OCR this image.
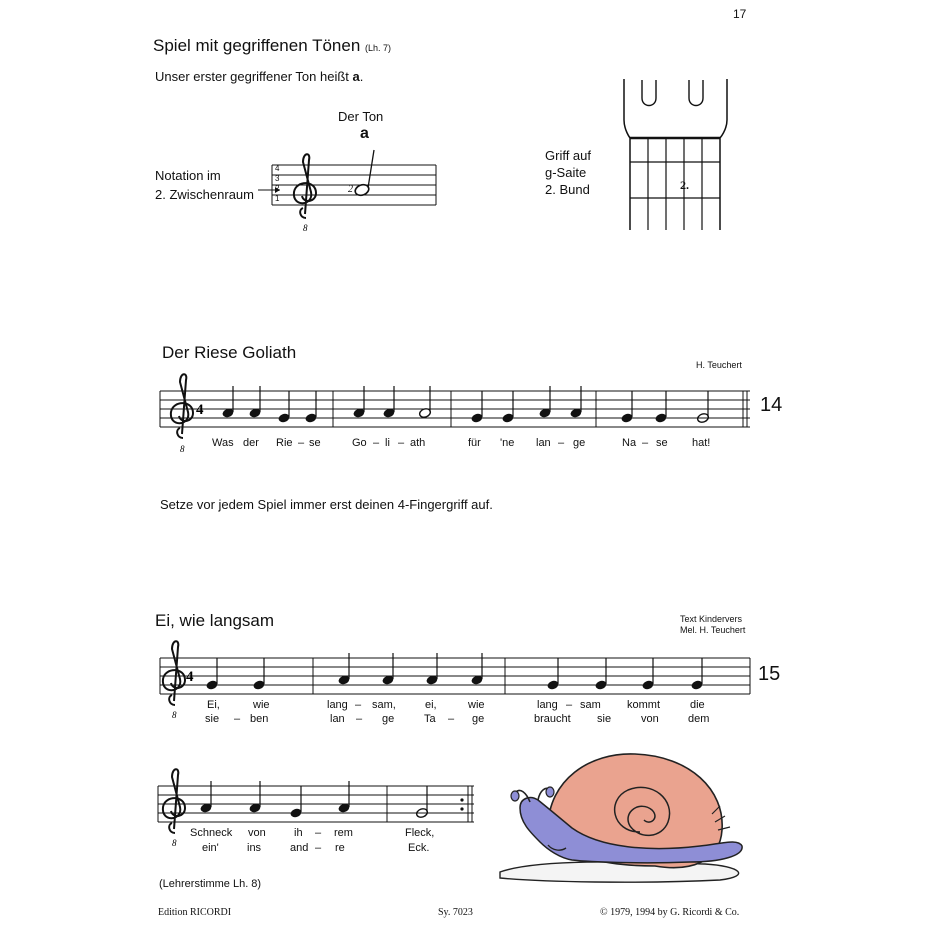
17
Spiel mit gegriffenen Tönen (Lh. 7)
Unser erster gegriffener Ton heißt a.
Der Ton
a
Notation im
2. Zwischenraum
8
4
3
2
1
2
Griff auf
g-Saite
2. Bund	2.
Der Riese Goliath
H. Teuchert
14
8
4
Was der Rie – se	Go – li – ath	für 'ne lan – ge	Na – se hat!
Setze vor jedem Spiel immer erst deinen 4-Fingergriff auf.
Ei, wie langsam	Text Kindervers
Mel. H. Teuchert
15
8
4
Ei,	wie	lang – sam,	ei,	wie	lang – sam kommt	die
sie – ben	lan – ge	Ta – ge	braucht sie	von	dem
8
Schneck von	ih – rem	Fleck,
ein'	ins	and – re	Eck.
(Lehrerstimme Lh. 8)
Edition RICORDI	Sy. 7023	© 1979, 1994 by G. Ricordi & Co.
